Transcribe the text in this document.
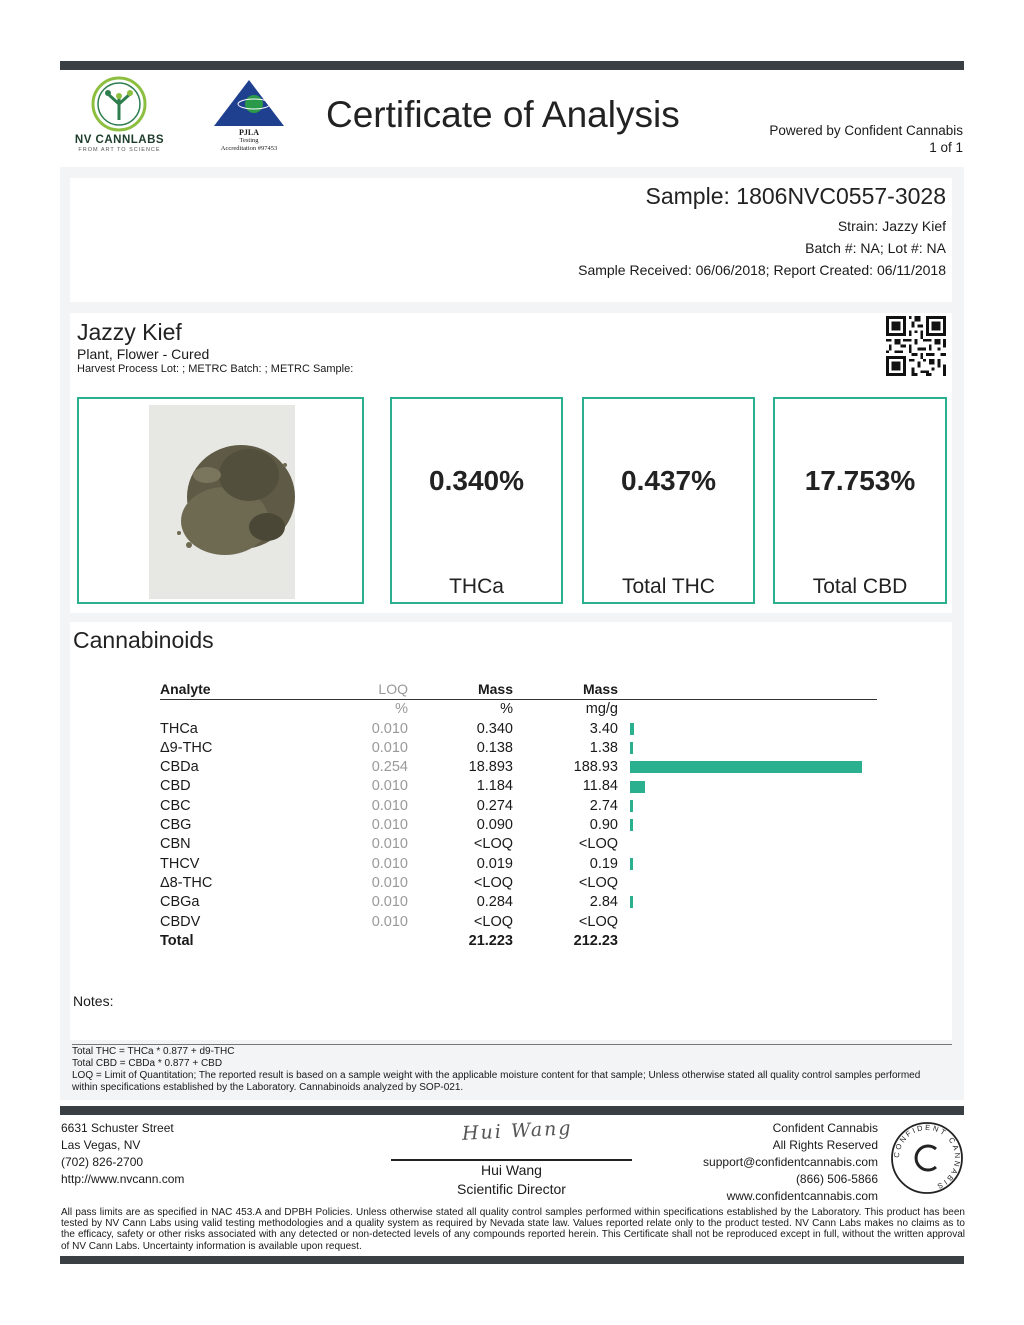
NV CANNLABS
FROM ART TO SCIENCE
PJLA
Testing
Accreditation #97453
Certificate of Analysis	Powered by Confident Cannabis
1 of 1
Sample: 1806NVC0557-3028
Strain: Jazzy Kief
Batch #: NA; Lot #: NA
Sample Received: 06/06/2018; Report Created: 06/11/2018
Jazzy Kief
Plant, Flower - Cured
Harvest Process Lot: ; METRC Batch: ; METRC Sample:
0.340%
THCa
0.437%
Total THC
17.753%
Total CBD
Cannabinoids
Analyte	LOQ	Mass	Mass	
	%	%	mg/g	
THCa	0.010	0.340	3.40	
Δ9-THC	0.010	0.138	1.38	
CBDa	0.254	18.893	188.93	
CBD	0.010	1.184	11.84	
CBC	0.010	0.274	2.74	
CBG	0.010	0.090	0.90	
CBN	0.010	<LOQ	<LOQ	
THCV	0.010	0.019	0.19	
Δ8-THC	0.010	<LOQ	<LOQ	
CBGa	0.010	0.284	2.84	
CBDV	0.010	<LOQ	<LOQ	
Total		21.223	212.23	
Notes:
Total THC = THCa * 0.877 + d9-THC
Total CBD = CBDa * 0.877 + CBD
LOQ = Limit of Quantitation; The reported result is based on a sample weight with the applicable moisture content for that sample; Unless otherwise stated all quality control samples performed within specifications established by the Laboratory. Cannabinoids analyzed by SOP-021.
6631 Schuster Street
Las Vegas, NV
(702) 826-2700
http://www.nvcann.com
Hui Wang
Hui Wang
Scientific Director
Confident Cannabis
All Rights Reserved
support@confidentcannabis.com
(866) 506-5866
www.confidentcannabis.com
CONFIDENT CANNABIS
All pass limits are as specified in NAC 453.A and DPBH Policies. Unless otherwise stated all quality control samples performed within specifications established by the Laboratory. This product has been tested by NV Cann Labs using valid testing methodologies and a quality system as required by Nevada state law. Values reported relate only to the product tested. NV Cann Labs makes no claims as to the efficacy, safety or other risks associated with any detected or non-detected levels of any compounds reported herein. This Certificate shall not be reproduced except in full, without the written approval of NV Cann Labs. Uncertainty information is available upon request.
